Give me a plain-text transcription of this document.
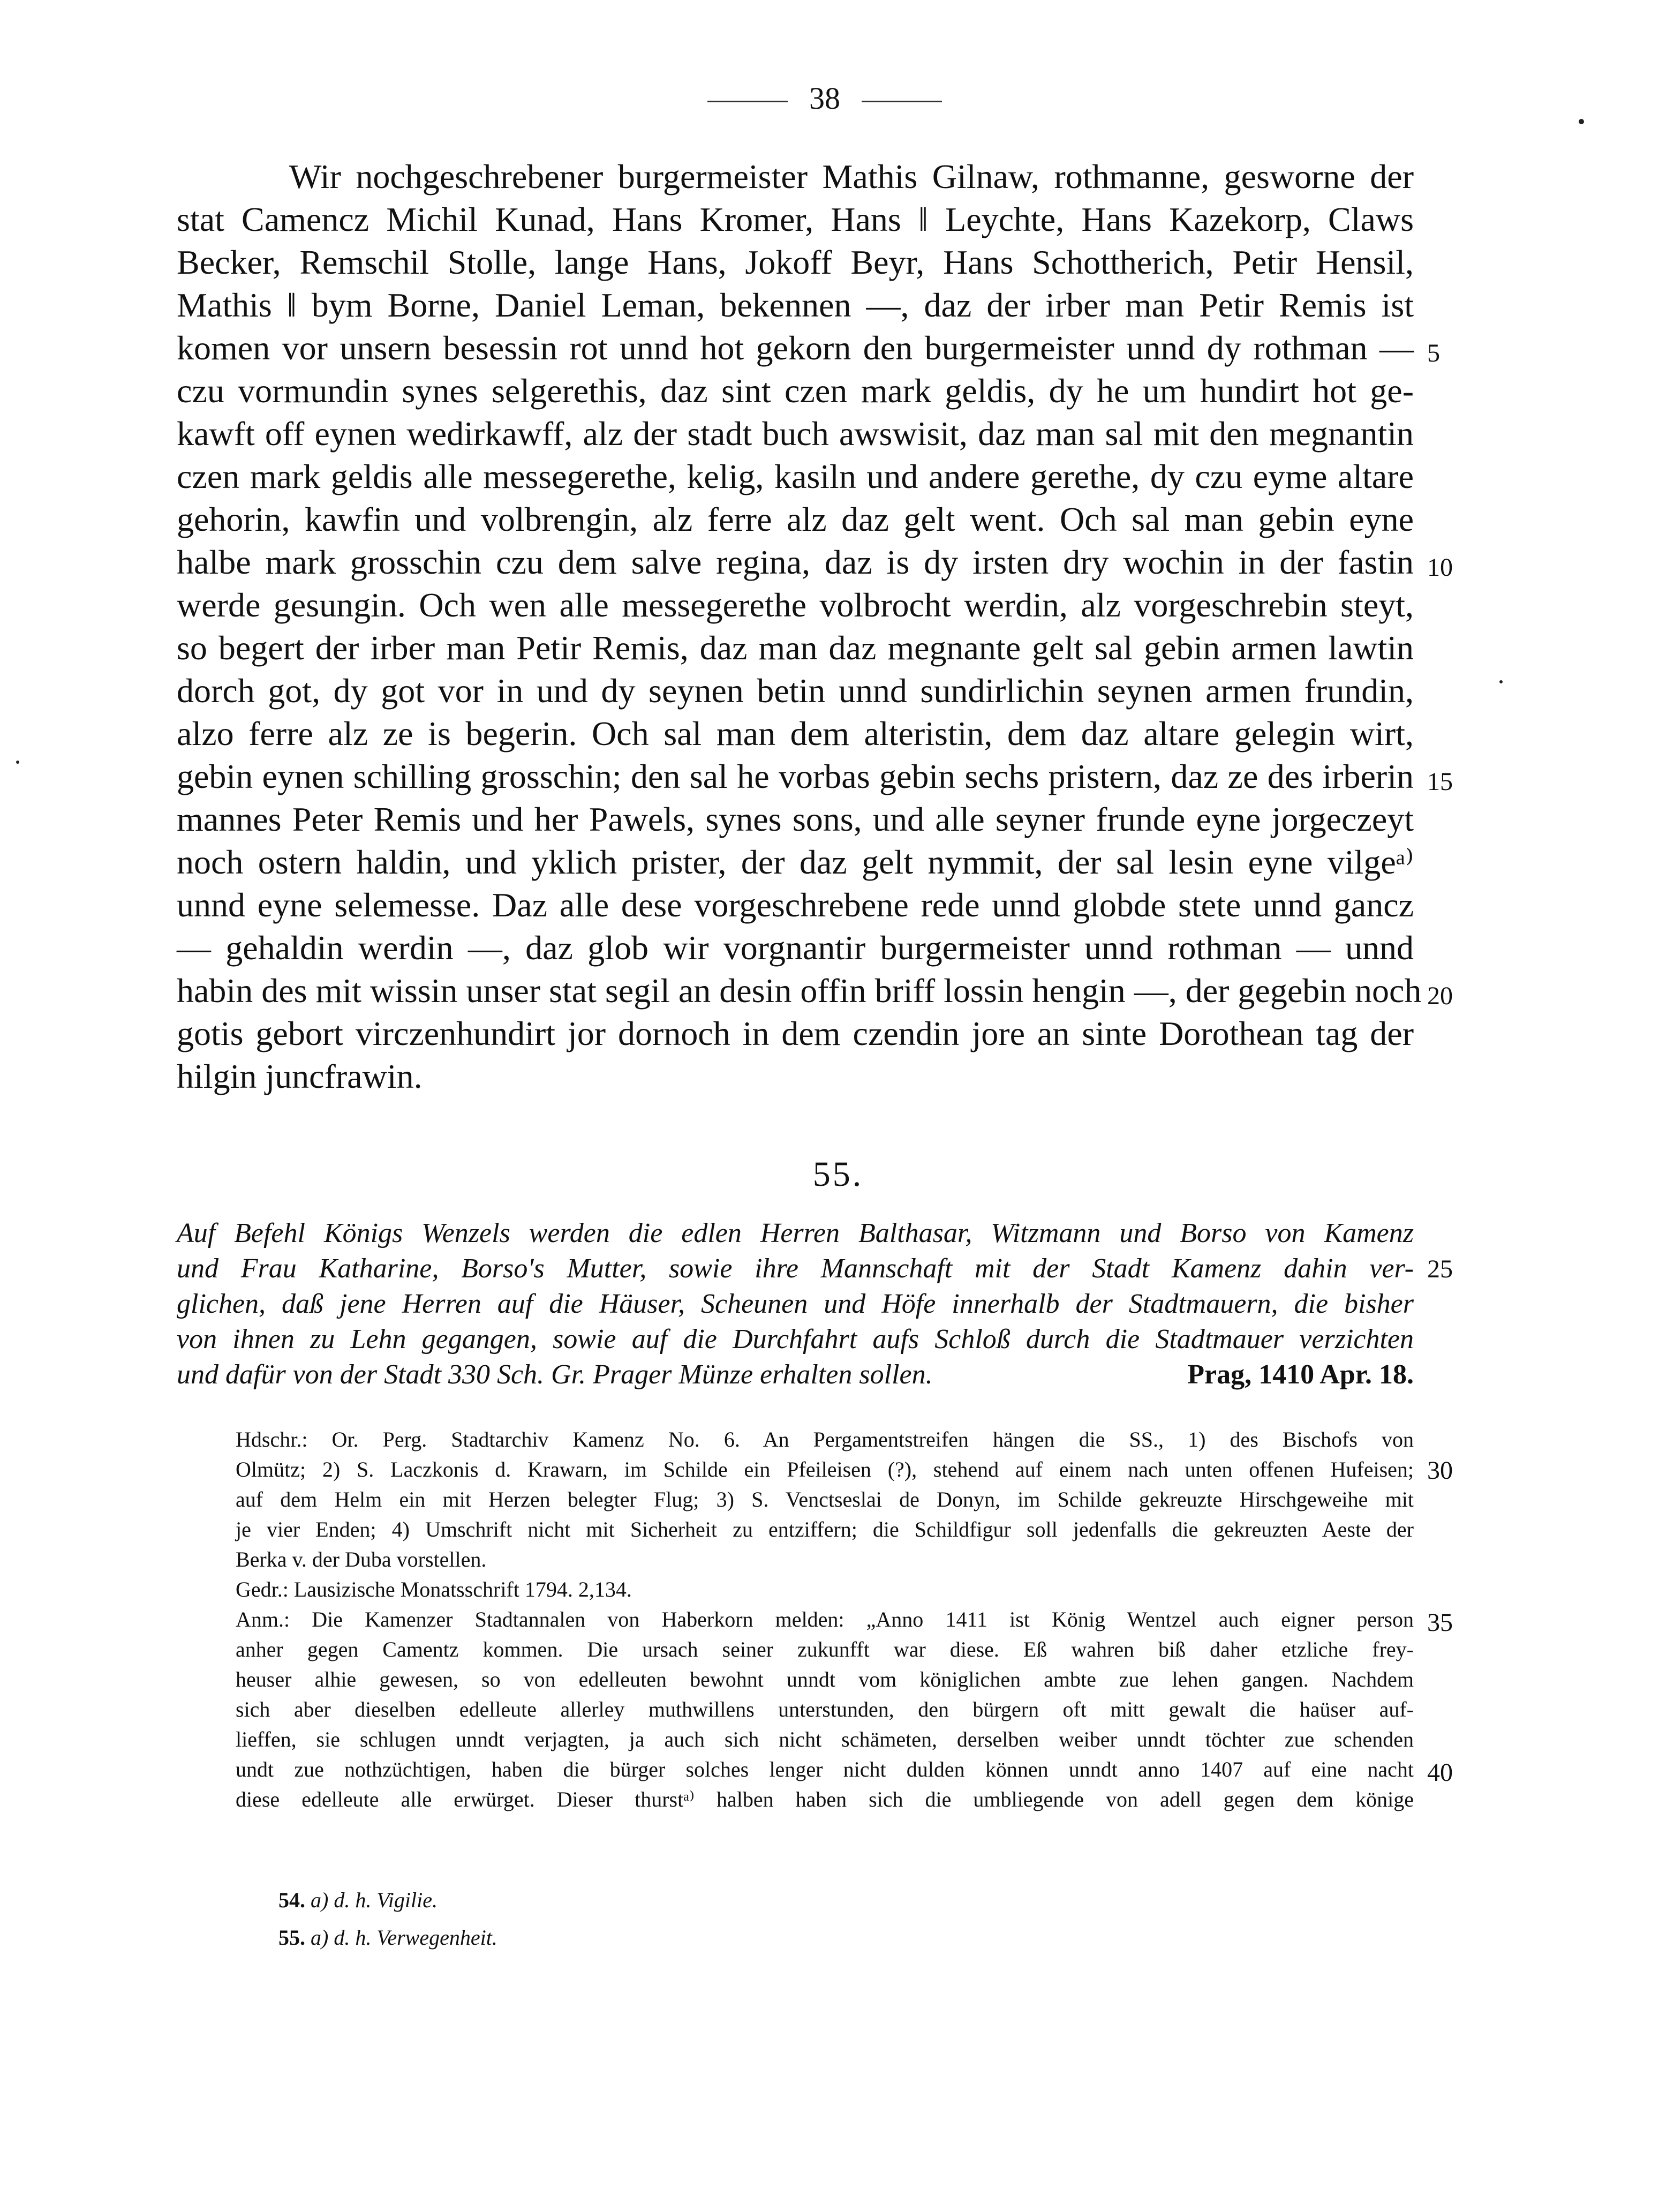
38
Wir nochgeschrebener burgermeister Mathis Gilnaw, rothmanne, gesworne der
stat Camencz Michil Kunad, Hans Kromer, Hans ‖ Leychte, Hans Kazekorp, Claws
Becker, Remschil Stolle, lange Hans, Jokoff Beyr, Hans Schottherich, Petir Hensil,
Mathis ‖ bym Borne, Daniel Leman, bekennen —, daz der irber man Petir Remis ist
komen vor unsern besessin rot unnd hot gekorn den burgermeister unnd dy rothman —
czu vormundin synes selgerethis, daz sint czen mark geldis, dy he um hundirt hot ge-
kawft off eynen wedirkawff, alz der stadt buch awswisit, daz man sal mit den megnantin
czen mark geldis alle messegerethe, kelig, kasiln und andere gerethe, dy czu eyme altare
gehorin, kawfin und volbrengin, alz ferre alz daz gelt went. Och sal man gebin eyne
halbe mark grosschin czu dem salve regina, daz is dy irsten dry wochin in der fastin
werde gesungin. Och wen alle messegerethe volbrocht werdin, alz vorgeschrebin steyt,
so begert der irber man Petir Remis, daz man daz megnante gelt sal gebin armen lawtin
dorch got, dy got vor in und dy seynen betin unnd sundirlichin seynen armen frundin,
alzo ferre alz ze is begerin. Och sal man dem alteristin, dem daz altare gelegin wirt,
gebin eynen schilling grosschin; den sal he vorbas gebin sechs pristern, daz ze des irberin
mannes Peter Remis und her Pawels, synes sons, und alle seyner frunde eyne jorgeczeyt
noch ostern haldin, und yklich prister, der daz gelt nymmit, der sal lesin eyne vilgeᵃ⁾
unnd eyne selemesse. Daz alle dese vorgeschrebene rede unnd globde stete unnd gancz
— gehaldin werdin —, daz glob wir vorgnantir burgermeister unnd rothman — unnd
habin des mit wissin unser stat segil an desin offin briff lossin hengin —, der gegebin noch
gotis gebort virczenhundirt jor dornoch in dem czendin jore an sinte Dorothean tag der
hilgin juncfrawin.
5
10
15
20
55.
Auf Befehl Königs Wenzels werden die edlen Herren Balthasar, Witzmann und Borso von Kamenz
und Frau Katharine, Borso's Mutter, sowie ihre Mannschaft mit der Stadt Kamenz dahin ver-
glichen, daß jene Herren auf die Häuser, Scheunen und Höfe innerhalb der Stadtmauern, die bisher
von ihnen zu Lehn gegangen, sowie auf die Durchfahrt aufs Schloß durch die Stadtmauer verzichten
und dafür von der Stadt 330 Sch. Gr. Prager Münze erhalten sollen.	Prag, 1410 Apr. 18.
25
Hdschr.: Or. Perg. Stadtarchiv Kamenz No. 6. An Pergamentstreifen hängen die SS., 1) des Bischofs von
Olmütz; 2) S. Laczkonis d. Krawarn, im Schilde ein Pfeileisen (?), stehend auf einem nach unten offenen Hufeisen;
auf dem Helm ein mit Herzen belegter Flug; 3) S. Venctseslai de Donyn, im Schilde gekreuzte Hirschgeweihe mit
je vier Enden; 4) Umschrift nicht mit Sicherheit zu entziffern; die Schildfigur soll jedenfalls die gekreuzten Aeste der
Berka v. der Duba vorstellen.
Gedr.: Lausizische Monatsschrift 1794. 2,134.
Anm.: Die Kamenzer Stadtannalen von Haberkorn melden: „Anno 1411 ist König Wentzel auch eigner person
anher gegen Camentz kommen. Die ursach seiner zukunfft war diese. Eß wahren biß daher etzliche frey-
heuser alhie gewesen, so von edelleuten bewohnt unndt vom königlichen ambte zue lehen gangen. Nachdem
sich aber dieselben edelleute allerley muthwillens unterstunden, den bürgern oft mitt gewalt die haüser auf-
lieffen, sie schlugen unndt verjagten, ja auch sich nicht schämeten, derselben weiber unndt töchter zue schenden
undt zue nothzüchtigen, haben die bürger solches lenger nicht dulden können unndt anno 1407 auf eine nacht
diese edelleute alle erwürget. Dieser thurstᵃ⁾ halben haben sich die umbliegende von adell gegen dem könige
30
35
40
54. a) d. h. Vigilie.
55. a) d. h. Verwegenheit.
